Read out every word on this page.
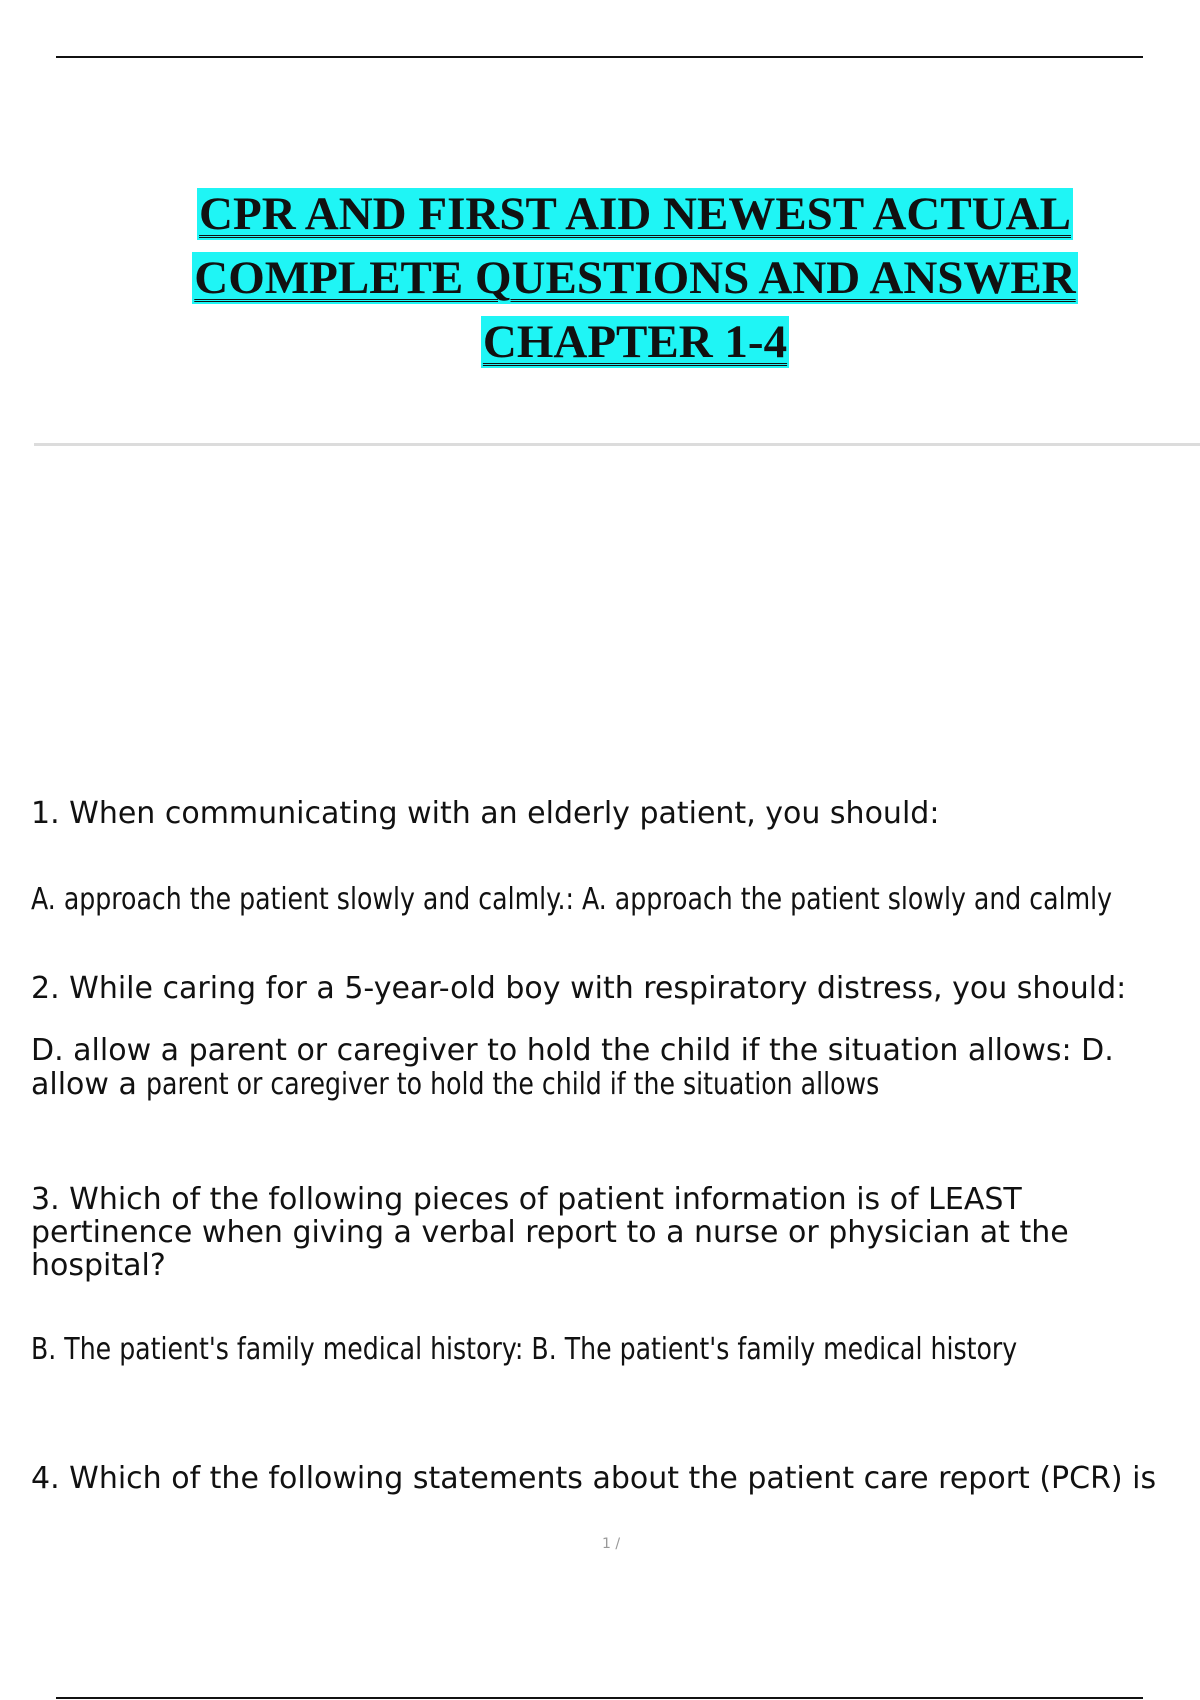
CPR AND FIRST AID NEWEST ACTUAL
COMPLETE QUESTIONS AND ANSWER
CHAPTER 1-4
1. When communicating with an elderly patient, you should:
A. approach the patient slowly and calmly.: A. approach the patient slowly and calmly
2. While caring for a 5-year-old boy with respiratory distress, you should:
D. allow a parent or caregiver to hold the child if the situation allows: D. allow a parent or caregiver to hold the child if the situation allows
3. Which of the following pieces of patient information is of LEAST pertinence when giving a verbal report to a nurse or physician at the hospital?
B. The patient's family medical history: B. The patient's family medical history
4. Which of the following statements about the patient care report (PCR) is
1 /
